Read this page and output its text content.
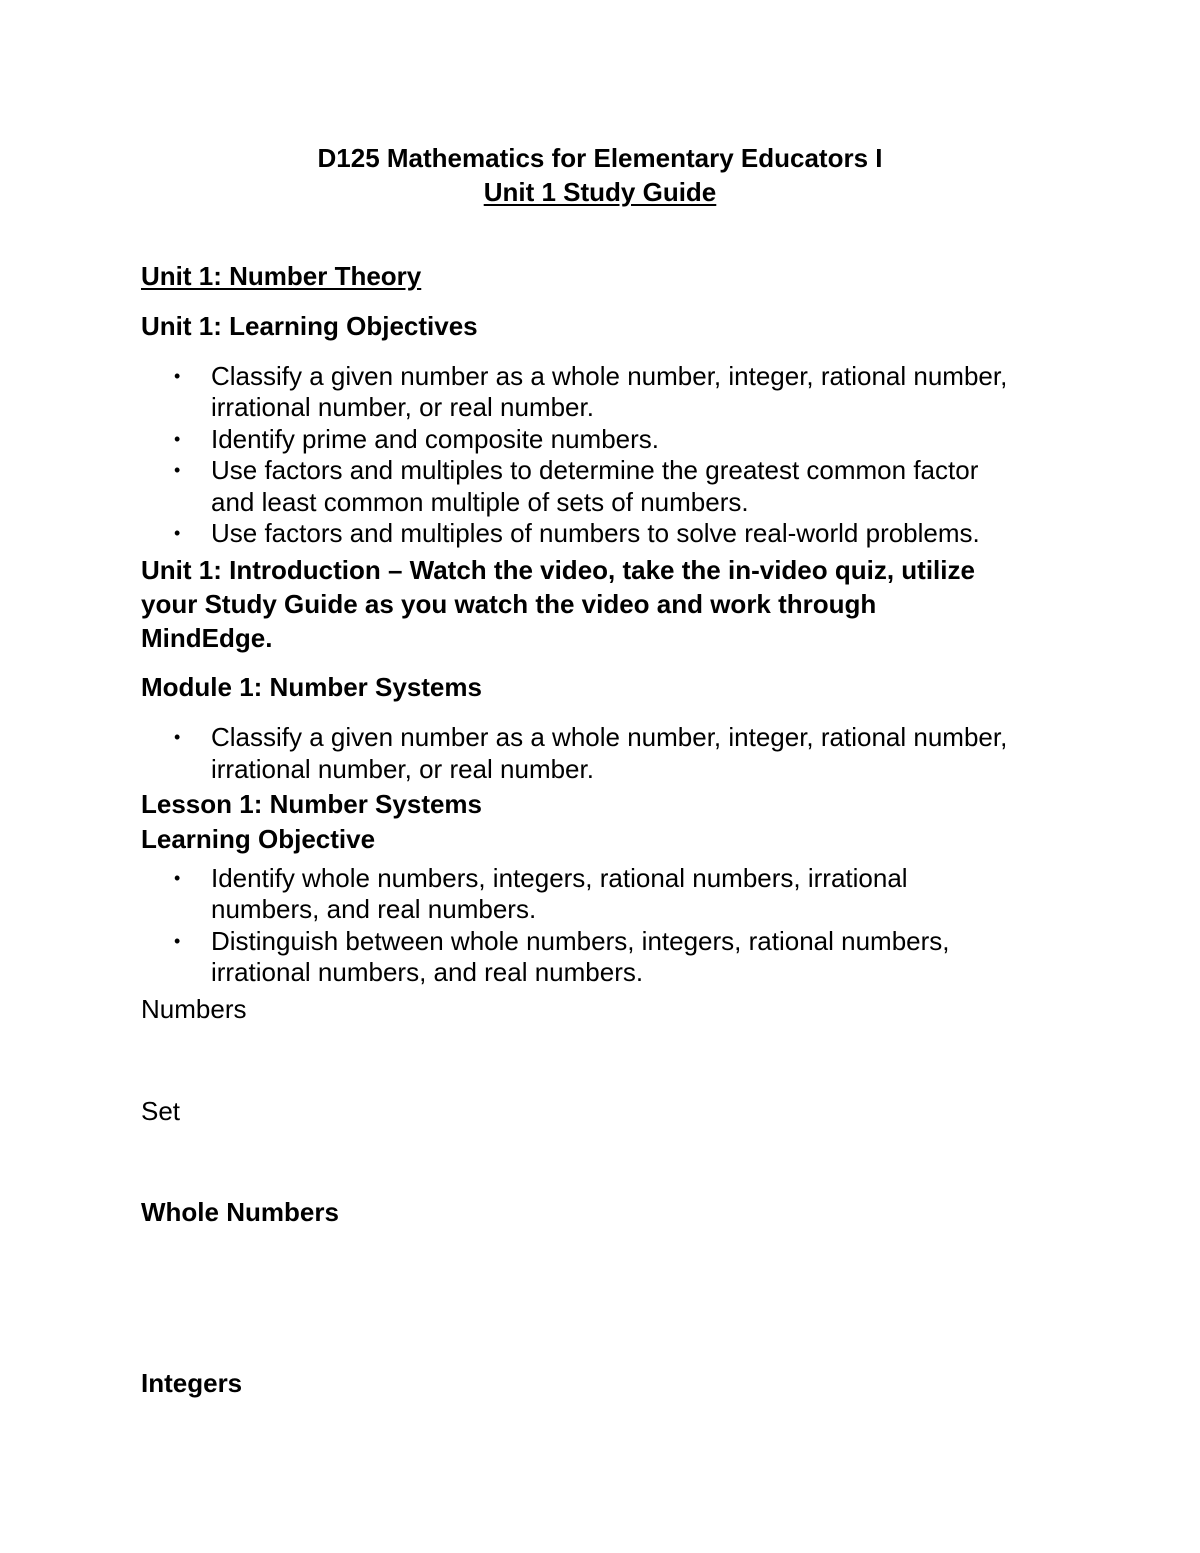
D125 Mathematics for Elementary Educators I

Unit 1 Study Guide

Unit 1: Number Theory

Unit 1: Learning Objectives

• Classify a given number as a whole number, integer, rational number,

irrational number, or real number.

• Identify prime and composite numbers.

• Use factors and multiples to determine the greatest common factor

and least common multiple of sets of numbers.

• Use factors and multiples of numbers to solve real-world problems.

Unit 1: Introduction – Watch the video, take the in-video quiz, utilize

your Study Guide as you watch the video and work through

MindEdge.

Module 1: Number Systems

• Classify a given number as a whole number, integer, rational number,

irrational number, or real number.

Lesson 1: Number Systems

Learning Objective

• Identify whole numbers, integers, rational numbers, irrational

numbers, and real numbers.

• Distinguish between whole numbers, integers, rational numbers,

irrational numbers, and real numbers.

Numbers

Set

Whole Numbers

Integers
